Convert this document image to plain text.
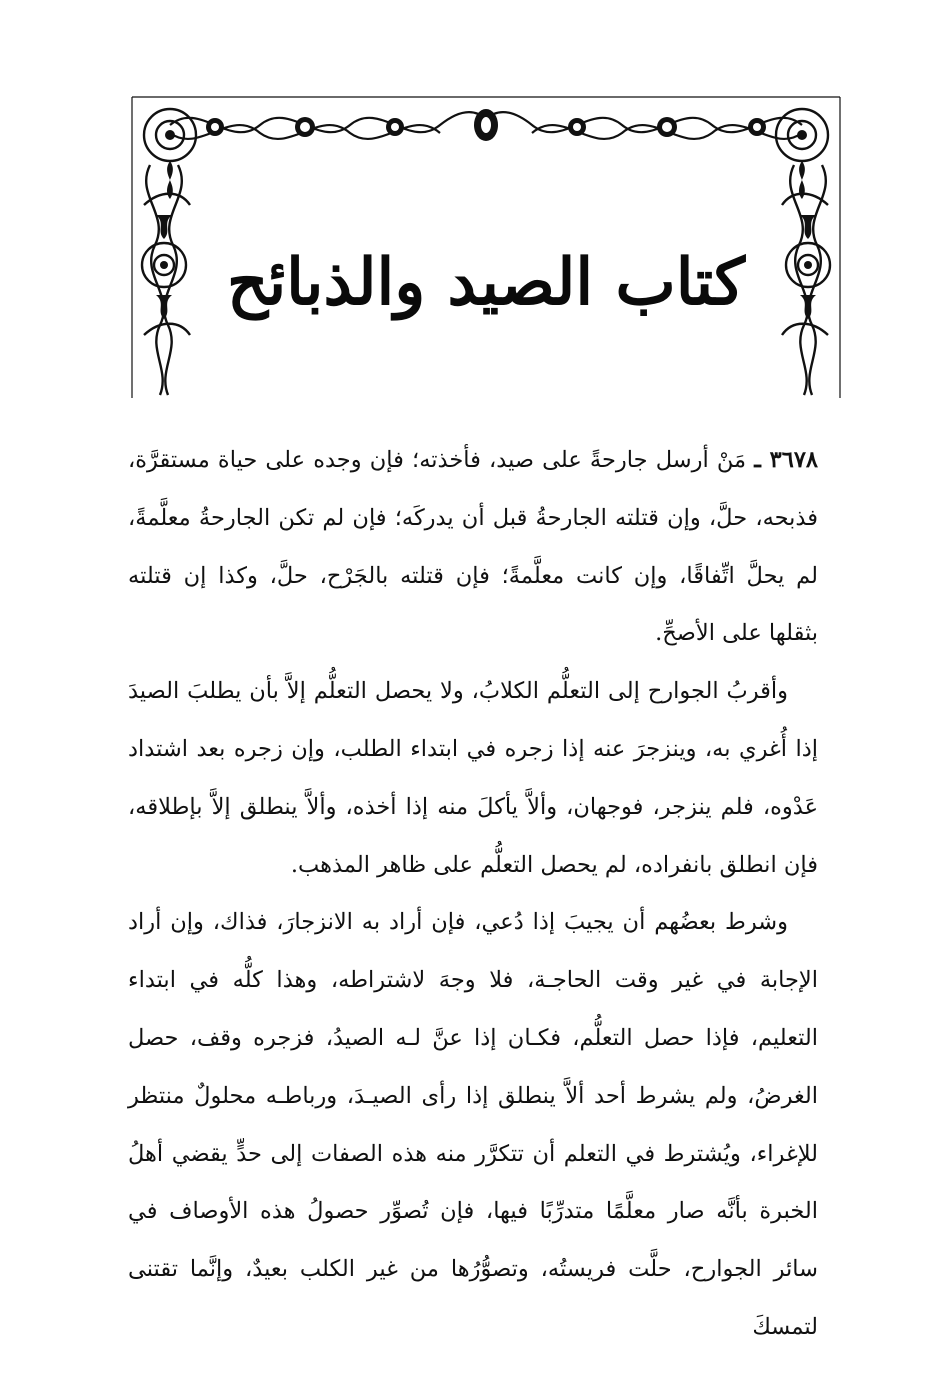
كتاب الصيد والذبائح

٣٦٧٨ ـ مَنْ أرسل جارحةً على صيد، فأخذته؛ فإن وجده على حياة مستقرَّة، فذبحه، حلَّ، وإن قتلته الجارحةُ قبل أن يدركَه؛ فإن لم تكن الجارحةُ معلَّمةً، لم يحلَّ اتِّفاقًا، وإن كانت معلَّمةً؛ فإن قتلته بالجَرْح، حلَّ، وكذا إن قتلته بثقلها على الأصحِّ.

وأقربُ الجوارح إلى التعلُّم الكلابُ، ولا يحصل التعلُّم إلاَّ بأن يطلبَ الصيدَ إذا أُغري به، وينزجرَ عنه إذا زجره في ابتداء الطلب، وإن زجره بعد اشتداد عَدْوه، فلم ينزجر، فوجهان، وألاَّ يأكلَ منه إذا أخذه، وألاَّ ينطلق إلاَّ بإطلاقه، فإن انطلق بانفراده، لم يحصل التعلُّم على ظاهر المذهب.

وشرط بعضُهم أن يجيبَ إذا دُعي، فإن أراد به الانزجارَ، فذاك، وإن أراد الإجابة في غير وقت الحاجـة، فلا وجهَ لاشتراطه، وهذا كلُّه في ابتداء التعليم، فإذا حصل التعلُّم، فكـان إذا عنَّ لـه الصيدُ، فزجره وقف، حصل الغرضُ، ولم يشرط أحد ألاَّ ينطلق إذا رأى الصيـدَ، ورباطـه محلولٌ منتظر للإغراء، ويُشترط في التعلم أن تتكرَّر منه هذه الصفات إلى حدٍّ يقضي أهلُ الخبرة بأنَّه صار معلَّمًا متدرِّبًا فيها، فإن تُصوِّر حصولُ هذه الأوصاف في سائر الجوارح، حلَّت فريستُه، وتصوُّرُها من غير الكلب بعيدٌ، وإنَّما تقتنى لتمسكَ
